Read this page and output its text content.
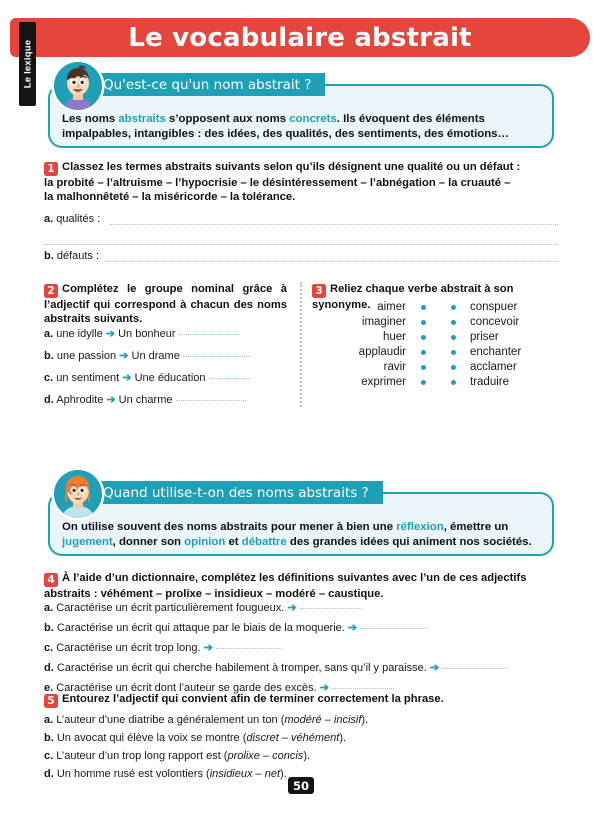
Le vocabulaire abstrait
Le lexique	Qu'est-ce qu'un nom abstrait ?
Les noms abstraits s’opposent aux noms concrets. Ils évoquent des éléments impalpables, intangibles : des idées, des qualités, des sentiments, des émotions…
1 Classez les termes abstraits suivants selon qu’ils désignent une qualité ou un défaut :
la probité – l’altruisme – l’hypocrisie – le désintéressement – l’abnégation – la cruauté –
la malhonnêteté – la miséricorde – la tolérance.
a. qualités :
b. défauts :
2 Complétez le groupe nominal grâce à l’adjectif qui correspond à chacun des noms abstraits suivants.
a. une idylle ➔ Un bonheur
b. une passion ➔ Un drame
c. un sentiment ➔ Une éducation
d. Aphrodite ➔ Un charme
3 Reliez chaque verbe abstrait à son synonyme. aimer	conspuer
imaginer	concevoir
huer	priser
applaudir	enchanter
ravir	acclamer
exprimer	traduire
Quand utilise-t-on des noms abstraits ?
On utilise souvent des noms abstraits pour mener à bien une réflexion, émettre un jugement, donner son opinion et débattre des grandes idées qui animent nos sociétés.
4 À l’aide d’un dictionnaire, complétez les définitions suivantes avec l’un de ces adjectifs
abstraits : véhément – prolixe – insidieux – modéré – caustique.
a. Caractérise un écrit particulièrement fougueux. ➔
b. Caractérise un écrit qui attaque par le biais de la moquerie. ➔
c. Caractérise un écrit trop long. ➔
d. Caractérise un écrit qui cherche habilement à tromper, sans qu’il y paraisse. ➔
e. Caractérise un écrit dont l’auteur se garde des excès. ➔
5 Entourez l’adjectif qui convient afin de terminer correctement la phrase.
a. L’auteur d’une diatribe a généralement un ton (modéré – incisif).
b. Un avocat qui élève la voix se montre (discret – véhément).
c. L’auteur d’un trop long rapport est (prolixe – concis).
d. Un homme rusé est volontiers (insidieux – net).
50
